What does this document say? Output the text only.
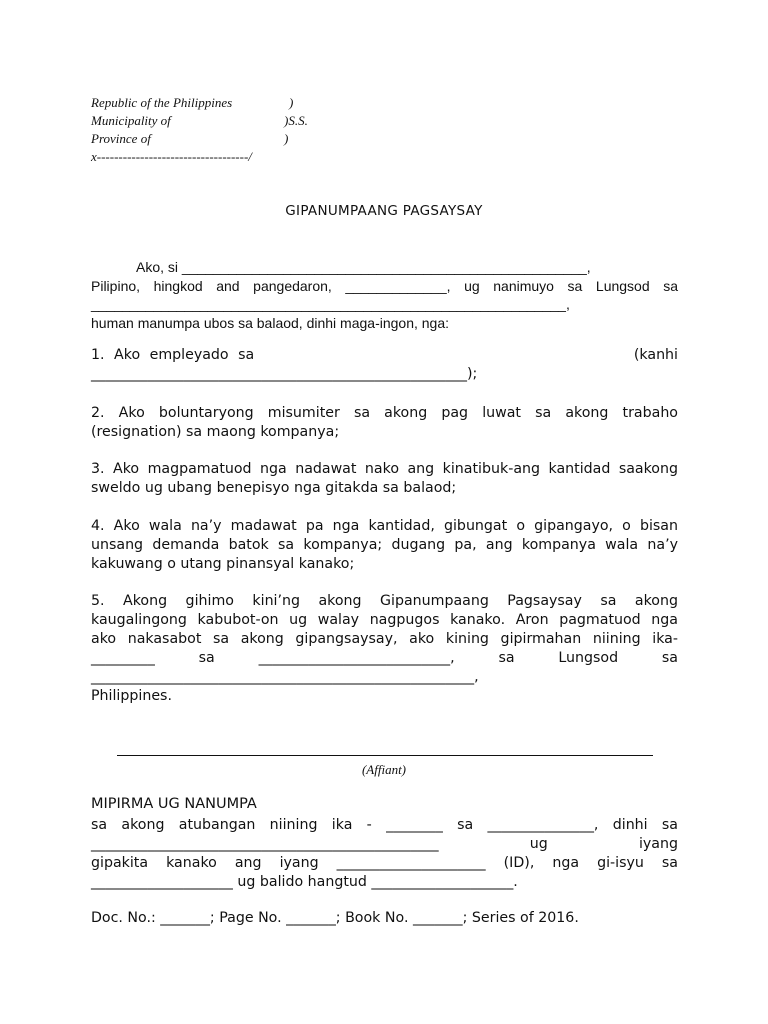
Republic of the Philippines	)
Municipality of	)S.S.
Province of	)
x-----------------------------------/
GIPANUMPAANG PAGSAYSAY
Ako, si ____________________________________________________,
Pilipino, hingkod and pangedaron, _____________, ug nanimuyo sa Lungsod sa
_____________________________________________________________,
human manumpa ubos sa balaod, dinhi maga-ingon, nga:
1. Ako empleyado sa                                        (kanhi
_____________________________________________________);
2. Ako boluntaryong misumiter sa akong pag luwat sa akong trabaho
(resignation) sa maong kompanya;
3. Ako magpamatuod nga nadawat nako ang kinatibuk-ang kantidad saakong
sweldo ug ubang benepisyo nga gitakda sa balaod;
4. Ako wala na’y madawat pa nga kantidad, gibungat o gipangayo, o bisan
unsang demanda batok sa kompanya; dugang pa, ang kompanya wala na’y
kakuwang o utang pinansyal kanako;
5. Akong gihimo kini’ng akong Gipanumpaang Pagsaysay sa akong
kaugalingong kabubot-on ug walay nagpugos kanako. Aron pagmatuod nga
ako nakasabot sa akong gipangsaysay, ako kining gipirmahan niining ika-
_________ sa ___________________________, sa Lungsod sa
______________________________________________________,
Philippines.
(Affiant)
MIPIRMA UG NANUMPA
sa akong atubangan niining ika - ________ sa _______________, dinhi sa
_________________________________________________ ug iyang
gipakita kanako ang iyang _____________________ (ID), nga gi-isyu sa
____________________ ug balido hangtud ____________________.
Doc. No.: _______; Page No. _______; Book No. _______; Series of 2016.
